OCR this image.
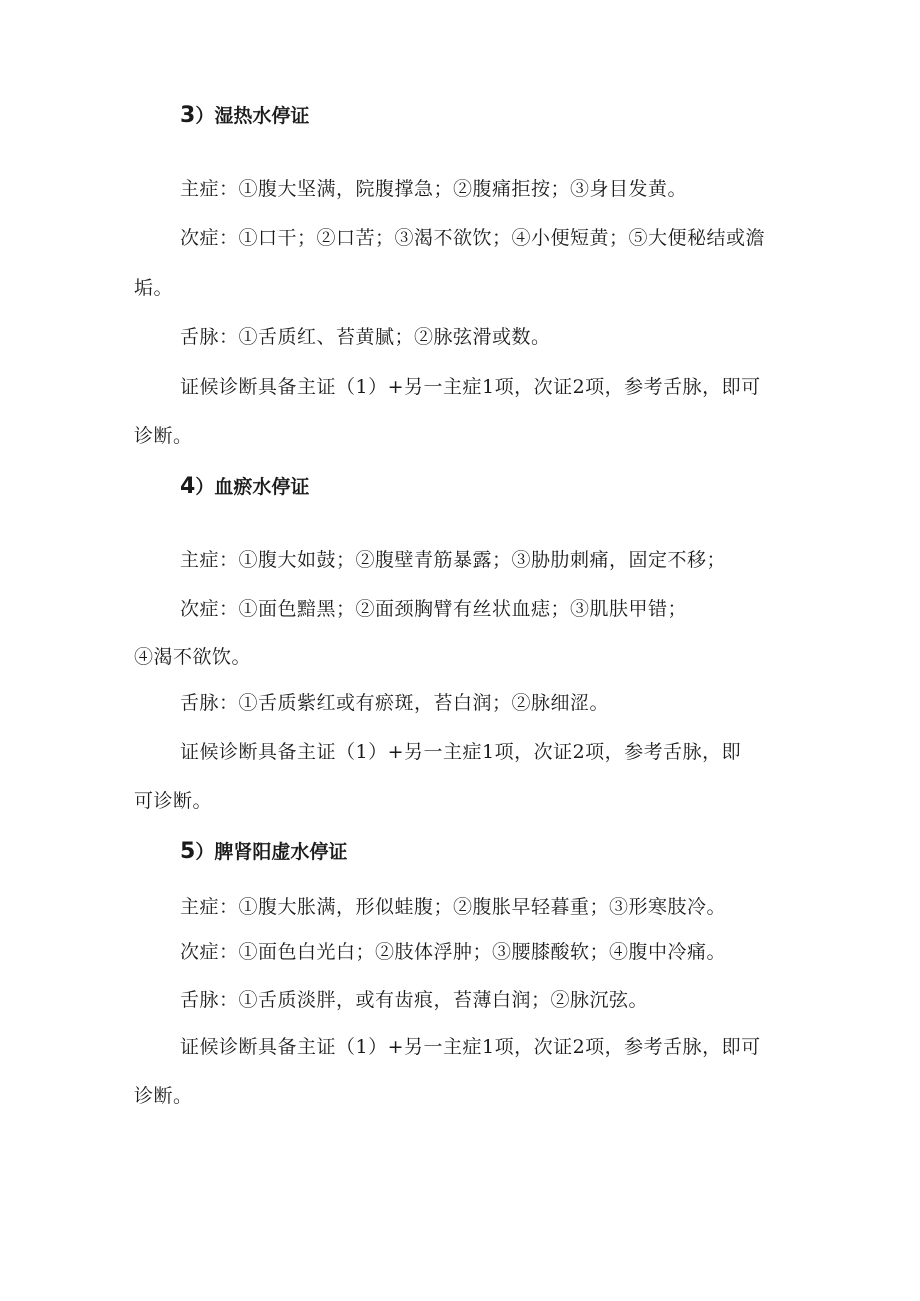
3）湿热水停证
主症：①腹大坚满，院腹撑急；②腹痛拒按；③身目发黄。
次症：①口干；②口苦；③渴不欲饮；④小便短黄；⑤大便秘结或澹
垢。
舌脉：①舌质红、苔黄腻；②脉弦滑或数。
证候诊断具备主证（1）+另一主症1项，次证2项，参考舌脉，即可
诊断。
4）血瘀水停证
主症：①腹大如鼓；②腹壁青筋暴露；③胁肋刺痛，固定不移；
次症：①面色黯黑；②面颈胸臂有丝状血痣；③肌肤甲错；
④渴不欲饮。
舌脉：①舌质紫红或有瘀斑，苔白润；②脉细涩。
证候诊断具备主证（1）+另一主症1项，次证2项，参考舌脉，即
可诊断。
5）脾肾阳虚水停证
主症：①腹大胀满，形似蛙腹；②腹胀早轻暮重；③形寒肢冷。
次症：①面色白光白；②肢体浮肿；③腰膝酸软；④腹中冷痛。
舌脉：①舌质淡胖，或有齿痕，苔薄白润；②脉沉弦。
证候诊断具备主证（1）+另一主症1项，次证2项，参考舌脉，即可
诊断。
